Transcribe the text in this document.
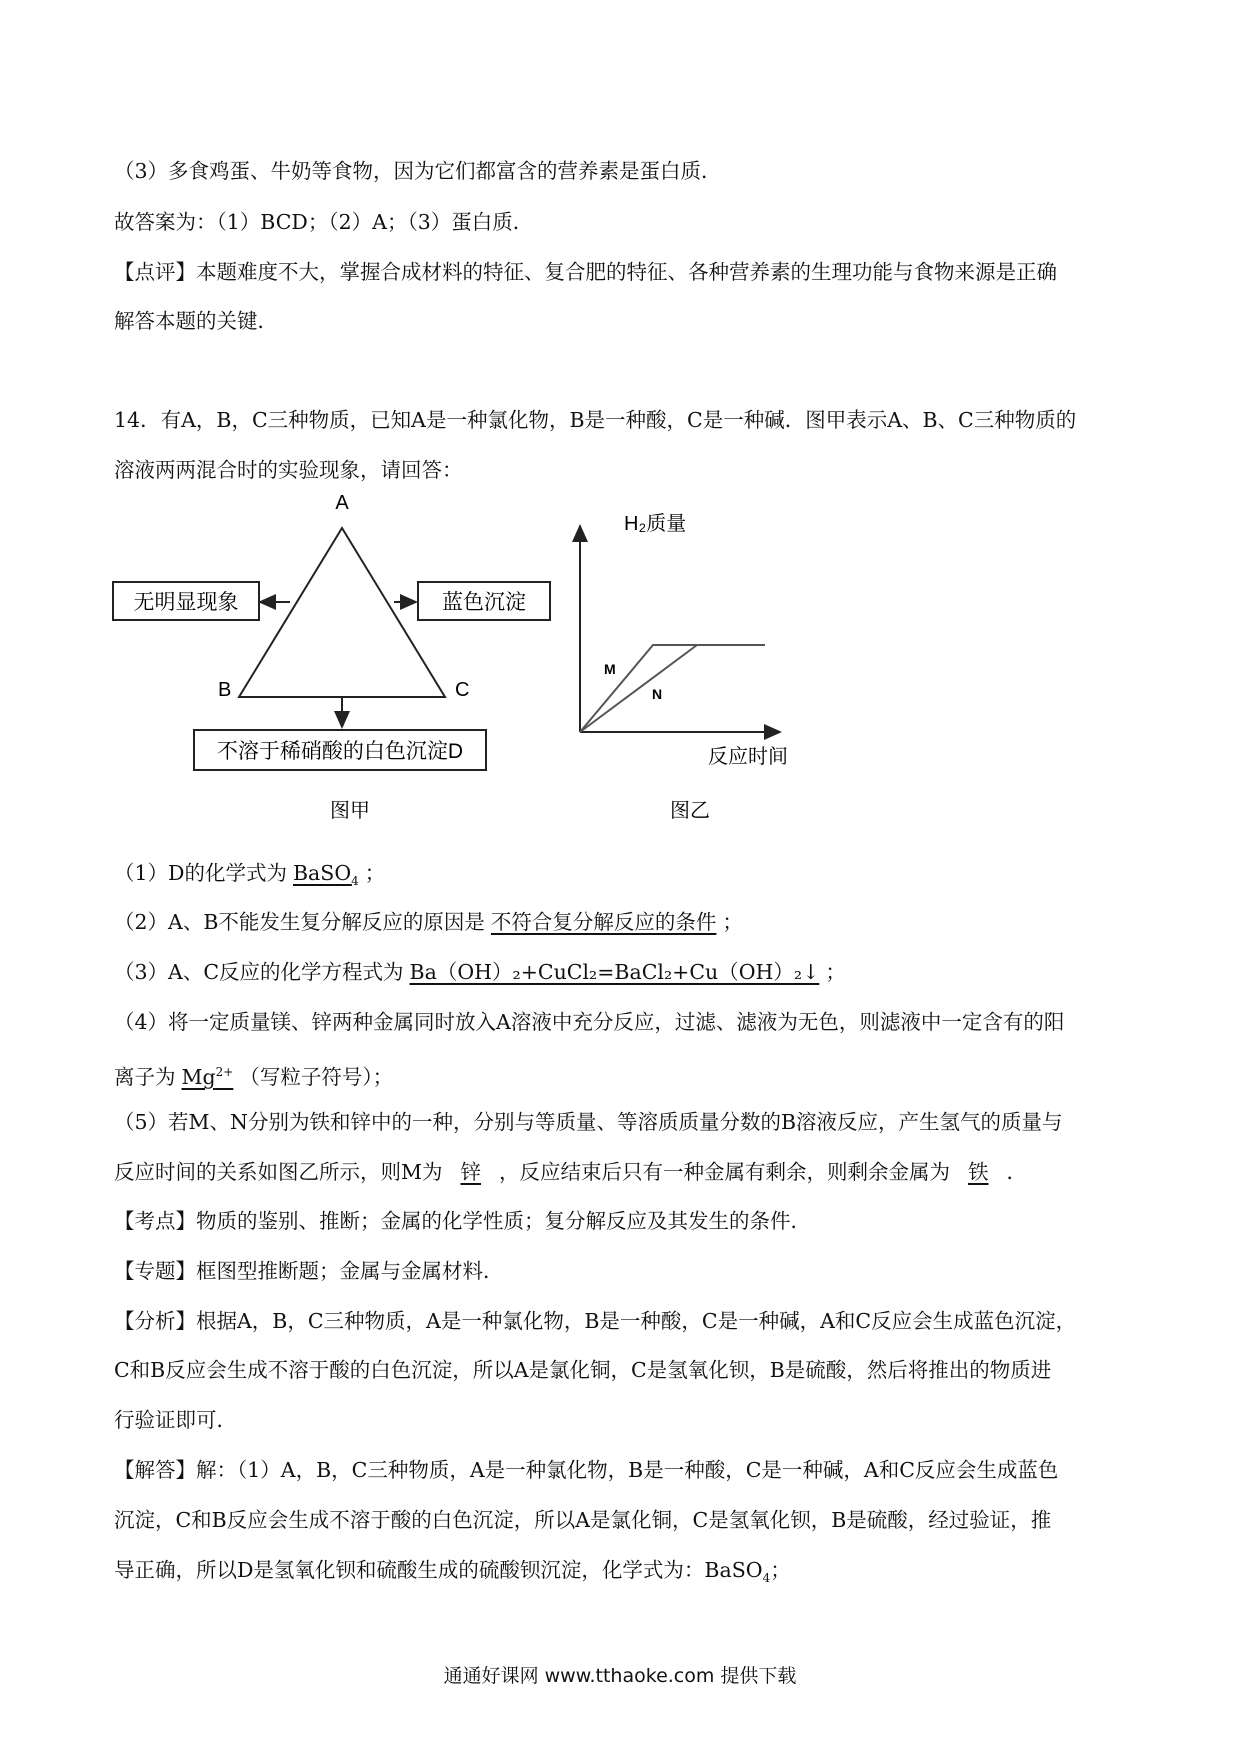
（3）多食鸡蛋、牛奶等食物，因为它们都富含的营养素是蛋白质．
故答案为：（1）BCD；（2）A；（3）蛋白质．
【点评】本题难度不大，掌握合成材料的特征、复合肥的特征、各种营养素的生理功能与食物来源是正确
解答本题的关键．
14．有A，B，C三种物质，已知A是一种氯化物，B是一种酸，C是一种碱．图甲表示A、B、C三种物质的
溶液两两混合时的实验现象，请回答：
A
B	C
无明显现象	蓝色沉淀
不溶于稀硝酸的白色沉淀D
图甲
H₂质量
反应时间
M
N
图乙
（1）D的化学式为 BaSO$_4$ ；
（2）A、B不能发生复分解反应的原因是 不符合复分解反应的条件 ；
（3）A、C反应的化学方程式为 Ba（OH）₂+CuCl₂=BaCl₂+Cu（OH）₂↓ ；
（4）将一定质量镁、锌两种金属同时放入A溶液中充分反应，过滤、滤液为无色，则滤液中一定含有的阳
离子为 $Mg^{2+}$ （写粒子符号）；
（5）若M、N分别为铁和锌中的一种，分别与等质量、等溶质质量分数的B溶液反应，产生氢气的质量与
反应时间的关系如图乙所示，则M为 锌 ，反应结束后只有一种金属有剩余，则剩余金属为 铁 ．
【考点】物质的鉴别、推断；金属的化学性质；复分解反应及其发生的条件．
【专题】框图型推断题；金属与金属材料．
【分析】根据A，B，C三种物质，A是一种氯化物，B是一种酸，C是一种碱，A和C反应会生成蓝色沉淀，
C和B反应会生成不溶于酸的白色沉淀，所以A是氯化铜，C是氢氧化钡，B是硫酸，然后将推出的物质进
行验证即可．
【解答】解：（1）A，B，C三种物质，A是一种氯化物，B是一种酸，C是一种碱，A和C反应会生成蓝色
沉淀，C和B反应会生成不溶于酸的白色沉淀，所以A是氯化铜，C是氢氧化钡，B是硫酸，经过验证，推
导正确，所以D是氢氧化钡和硫酸生成的硫酸钡沉淀，化学式为：BaSO$_4$；
通通好课网 www.tthaoke.com 提供下载
